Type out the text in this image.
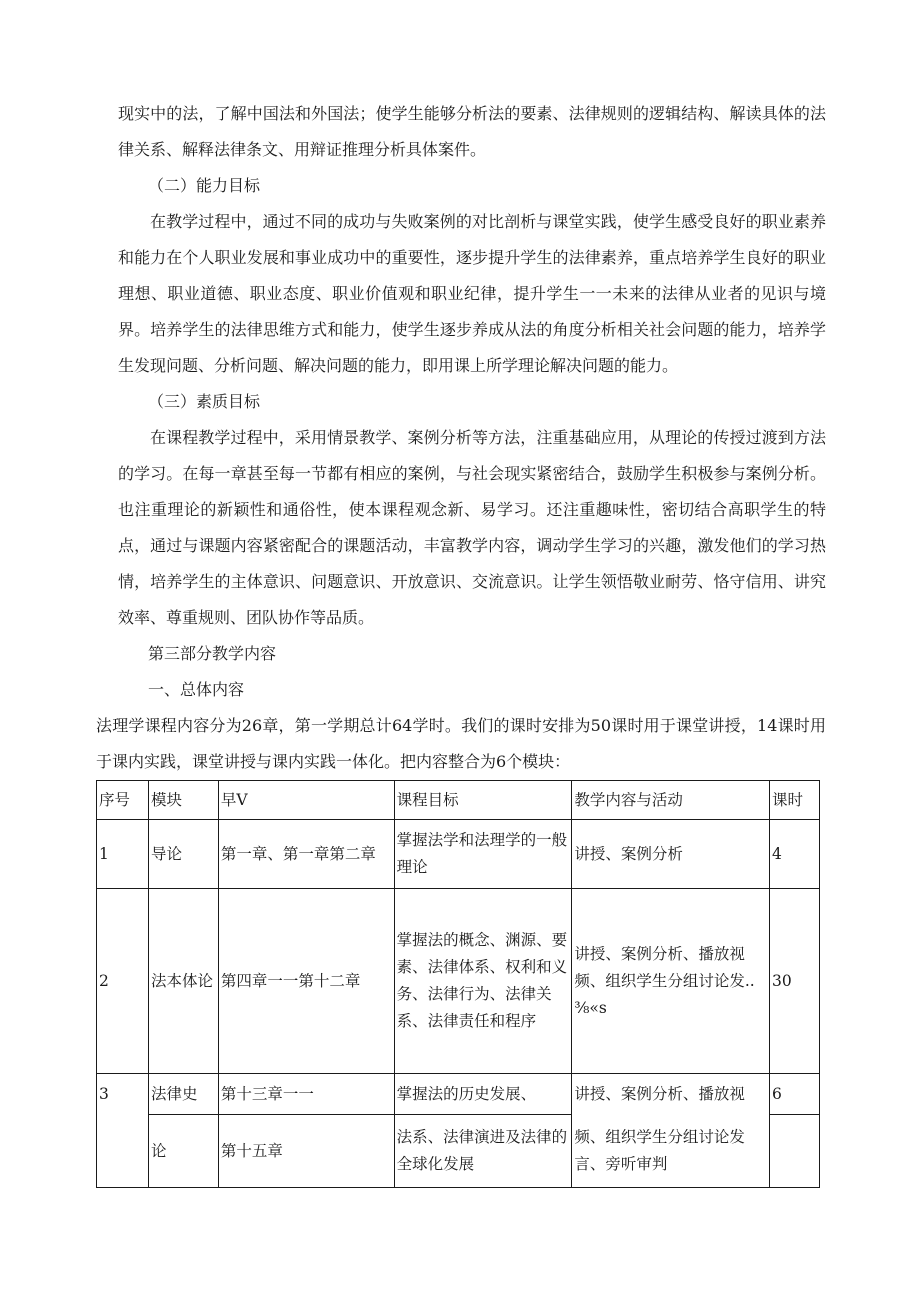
现实中的法，了解中国法和外国法；使学生能够分析法的要素、法律规则的逻辑结构、解读具体的法律关系、解释法律条文、用辩证推理分析具体案件。

（二）能力目标

在教学过程中，通过不同的成功与失败案例的对比剖析与课堂实践，使学生感受良好的职业素养和能力在个人职业发展和事业成功中的重要性，逐步提升学生的法律素养，重点培养学生良好的职业理想、职业道德、职业态度、职业价值观和职业纪律，提升学生一一未来的法律从业者的见识与境界。培养学生的法律思维方式和能力，使学生逐步养成从法的角度分析相关社会问题的能力，培养学生发现问题、分析问题、解决问题的能力，即用课上所学理论解决问题的能力。

（三）素质目标

在课程教学过程中，采用情景教学、案例分析等方法，注重基础应用，从理论的传授过渡到方法的学习。在每一章甚至每一节都有相应的案例，与社会现实紧密结合，鼓励学生积极参与案例分析。也注重理论的新颖性和通俗性，使本课程观念新、易学习。还注重趣味性，密切结合高职学生的特点，通过与课题内容紧密配合的课题活动，丰富教学内容，调动学生学习的兴趣，激发他们的学习热情，培养学生的主体意识、问题意识、开放意识、交流意识。让学生领悟敬业耐劳、恪守信用、讲究效率、尊重规则、团队协作等品质。

第三部分教学内容

一、总体内容

法理学课程内容分为26章，第一学期总计64学时。我们的课时安排为50课时用于课堂讲授，14课时用于课内实践，课堂讲授与课内实践一体化。把内容整合为6个模块：

序号	模块	早V	课程目标	教学内容与活动	课时
1	导论	第一章、第一章第二章	掌握法学和法理学的一般理论	讲授、案例分析	4
2	法本体论	第四章一一第十二章	掌握法的概念、渊源、要素、法律体系、权利和义务、法律行为、法律关系、法律责任和程序	讲授、案例分析、播放视频、组织学生分组讨论发..⅜«s	30
3	法律史	第十三章一一	掌握法的历史发展、	讲授、案例分析、播放视	6
	论	第十五章	法系、法律演进及法律的全球化发展	频、组织学生分组讨论发言、旁听审判	
